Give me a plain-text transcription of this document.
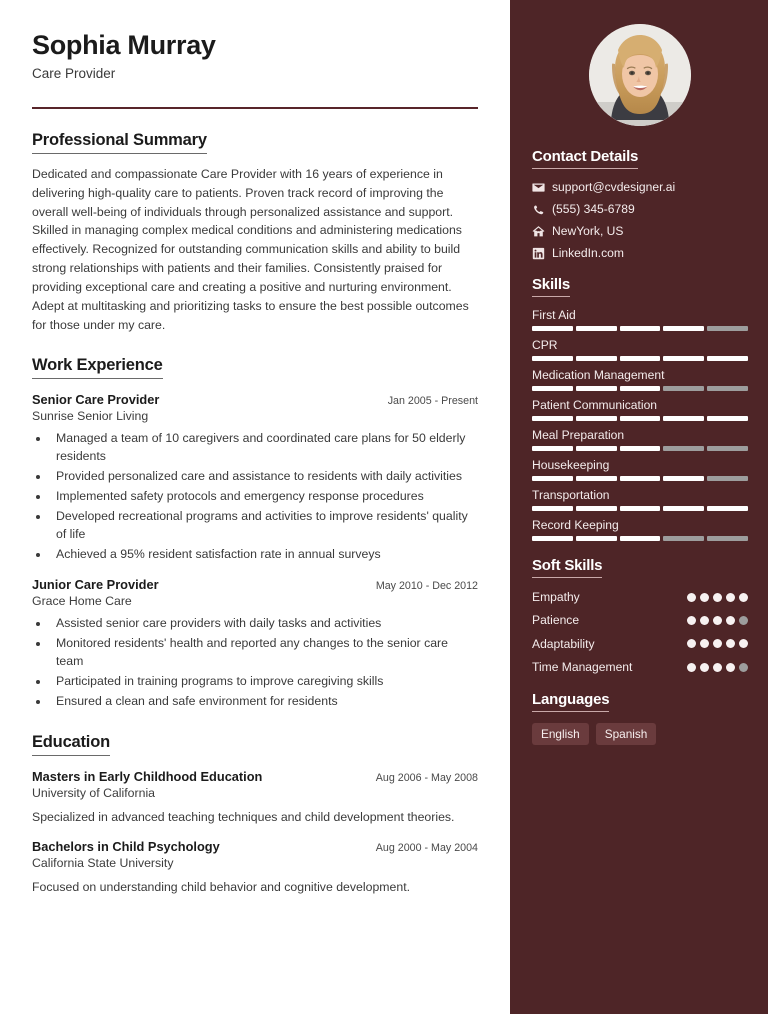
Sophia Murray
Care Provider
Professional Summary
Dedicated and compassionate Care Provider with 16 years of experience in delivering high-quality care to patients. Proven track record of improving the overall well-being of individuals through personalized assistance and support. Skilled in managing complex medical conditions and administering medications effectively. Recognized for outstanding communication skills and ability to build strong relationships with patients and their families. Consistently praised for providing exceptional care and creating a positive and nurturing environment. Adept at multitasking and prioritizing tasks to ensure the best possible outcomes for those under my care.
Work Experience
Senior Care Provider	Jan 2005 - Present
Sunrise Senior Living
• Managed a team of 10 caregivers and coordinated care plans for 50 elderly residents
• Provided personalized care and assistance to residents with daily activities
• Implemented safety protocols and emergency response procedures
• Developed recreational programs and activities to improve residents' quality of life
• Achieved a 95% resident satisfaction rate in annual surveys
Junior Care Provider	May 2010 - Dec 2012
Grace Home Care
• Assisted senior care providers with daily tasks and activities
• Monitored residents' health and reported any changes to the senior care team
• Participated in training programs to improve caregiving skills
• Ensured a clean and safe environment for residents
Education
Masters in Early Childhood Education	Aug 2006 - May 2008
University of California
Specialized in advanced teaching techniques and child development theories.
Bachelors in Child Psychology	Aug 2000 - May 2004
California State University
Focused on understanding child behavior and cognitive development.
Contact Details
support@cvdesigner.ai
(555) 345-6789
NewYork, US
LinkedIn.com
Skills
First Aid
CPR
Medication Management
Patient Communication
Meal Preparation
Housekeeping
Transportation
Record Keeping
Soft Skills
Empathy
Patience
Adaptability
Time Management
Languages
English	Spanish
